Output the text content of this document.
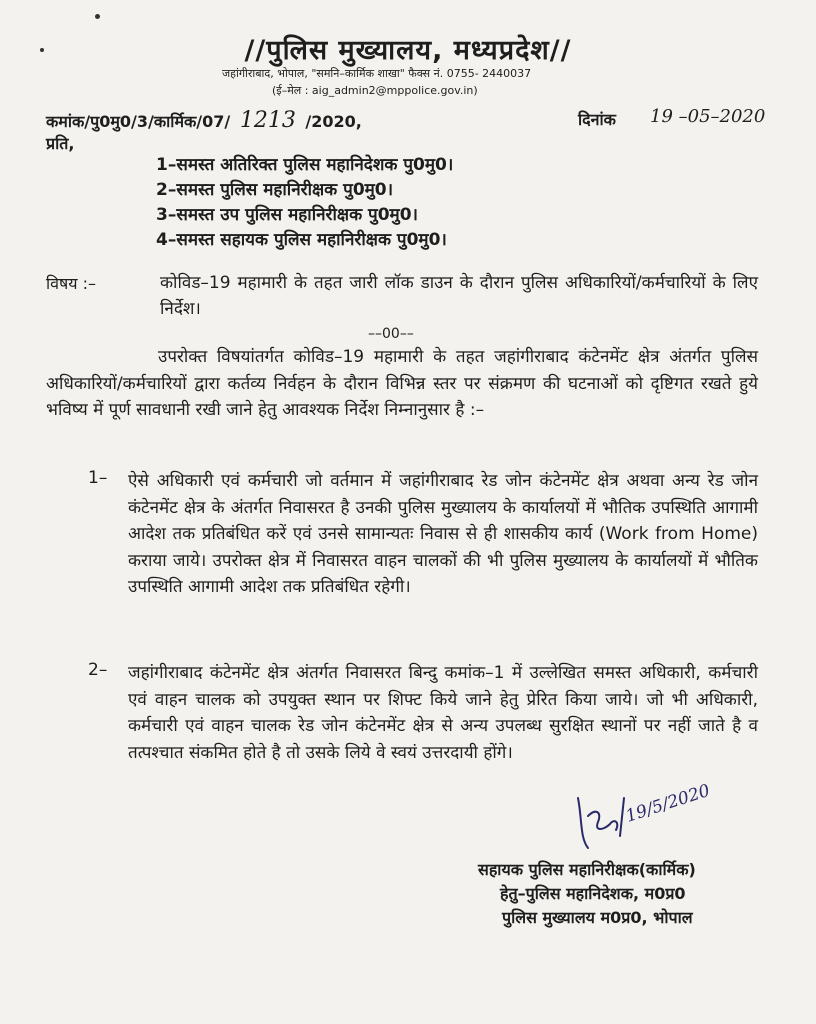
//पुलिस मुख्यालय, मध्यप्रदेश//
जहांगीराबाद, भोपाल, "समनि–कार्मिक शाखा" फैक्स नं. 0755- 2440037
(ई–मेल : aig_admin2@mppolice.gov.in)
कमांक/पु0मु0/3/कार्मिक/07/ 1213 /2020,	दिनांक 19 –05–2020
प्रति,
1–समस्त अतिरिक्त पुलिस महानिदेशक पु0मु0।
2–समस्त पुलिस महानिरीक्षक पु0मु0।
3–समस्त उप पुलिस महानिरीक्षक पु0मु0।
4–समस्त सहायक पुलिस महानिरीक्षक पु0मु0।
विषय :–	कोविड–19 महामारी के तहत जारी लॉक डाउन के दौरान पुलिस अधिकारियों/कर्मचारियों के लिए निर्देश।
––00––
उपरोक्त विषयांतर्गत कोविड–19 महामारी के तहत जहांगीराबाद कंटेनमेंट क्षेत्र अंतर्गत पुलिस अधिकारियों/कर्मचारियों द्वारा कर्तव्य निर्वहन के दौरान विभिन्न स्तर पर संक्रमण की घटनाओं को दृष्टिगत रखते हुये भविष्य में पूर्ण सावधानी रखी जाने हेतु आवश्यक निर्देश निम्नानुसार है :–
1– ऐसे अधिकारी एवं कर्मचारी जो वर्तमान में जहांगीराबाद रेड जोन कंटेनमेंट क्षेत्र अथवा अन्य रेड जोन कंटेनमेंट क्षेत्र के अंतर्गत निवासरत है उनकी पुलिस मुख्यालय के कार्यालयों में भौतिक उपस्थिति आगामी आदेश तक प्रतिबंधित करें एवं उनसे सामान्यतः निवास से ही शासकीय कार्य (Work from Home) कराया जाये। उपरोक्त क्षेत्र में निवासरत वाहन चालकों की भी पुलिस मुख्यालय के कार्यालयों में भौतिक उपस्थिति आगामी आदेश तक प्रतिबंधित रहेगी।
2– जहांगीराबाद कंटेनमेंट क्षेत्र अंतर्गत निवासरत बिन्दु कमांक–1 में उल्लेखित समस्त अधिकारी, कर्मचारी एवं वाहन चालक को उपयुक्त स्थान पर शिफ्ट किये जाने हेतु प्रेरित किया जाये। जो भी अधिकारी, कर्मचारी एवं वाहन चालक रेड जोन कंटेनमेंट क्षेत्र से अन्य उपलब्ध सुरक्षित स्थानों पर नहीं जाते है व तत्पश्चात संकमित होते है तो उसके लिये वे स्वयं उत्तरदायी होंगे।
19/5/2020
सहायक पुलिस महानिरीक्षक(कार्मिक)
हेतु–पुलिस महानिदेशक, म0प्र0
पुलिस मुख्यालय म0प्र0, भोपाल
